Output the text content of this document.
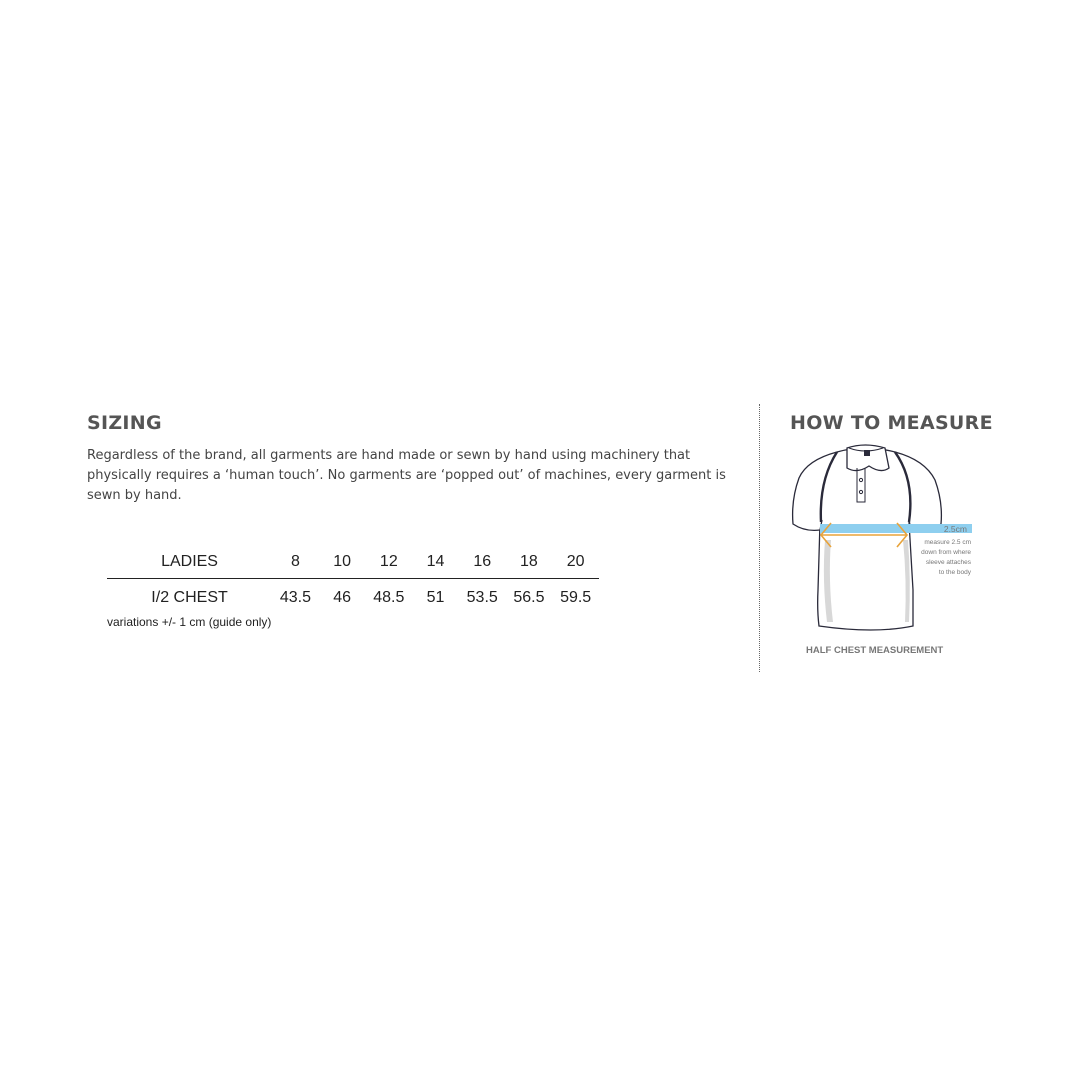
SIZING

Regardless of the brand, all garments are hand made or sewn by hand using machinery that physically requires a ‘human touch’. No garments are ‘popped out’ of machines, every garment is sewn by hand.

LADIES	8	10	12	14	16	18	20
I/2 CHEST	43.5	46	48.5	51	53.5	56.5	59.5

variations +/- 1 cm (guide only)

HOW TO MEASURE
2.5cm
measure 2.5 cm
down from where
sleeve attaches
to the body

HALF CHEST MEASUREMENT
